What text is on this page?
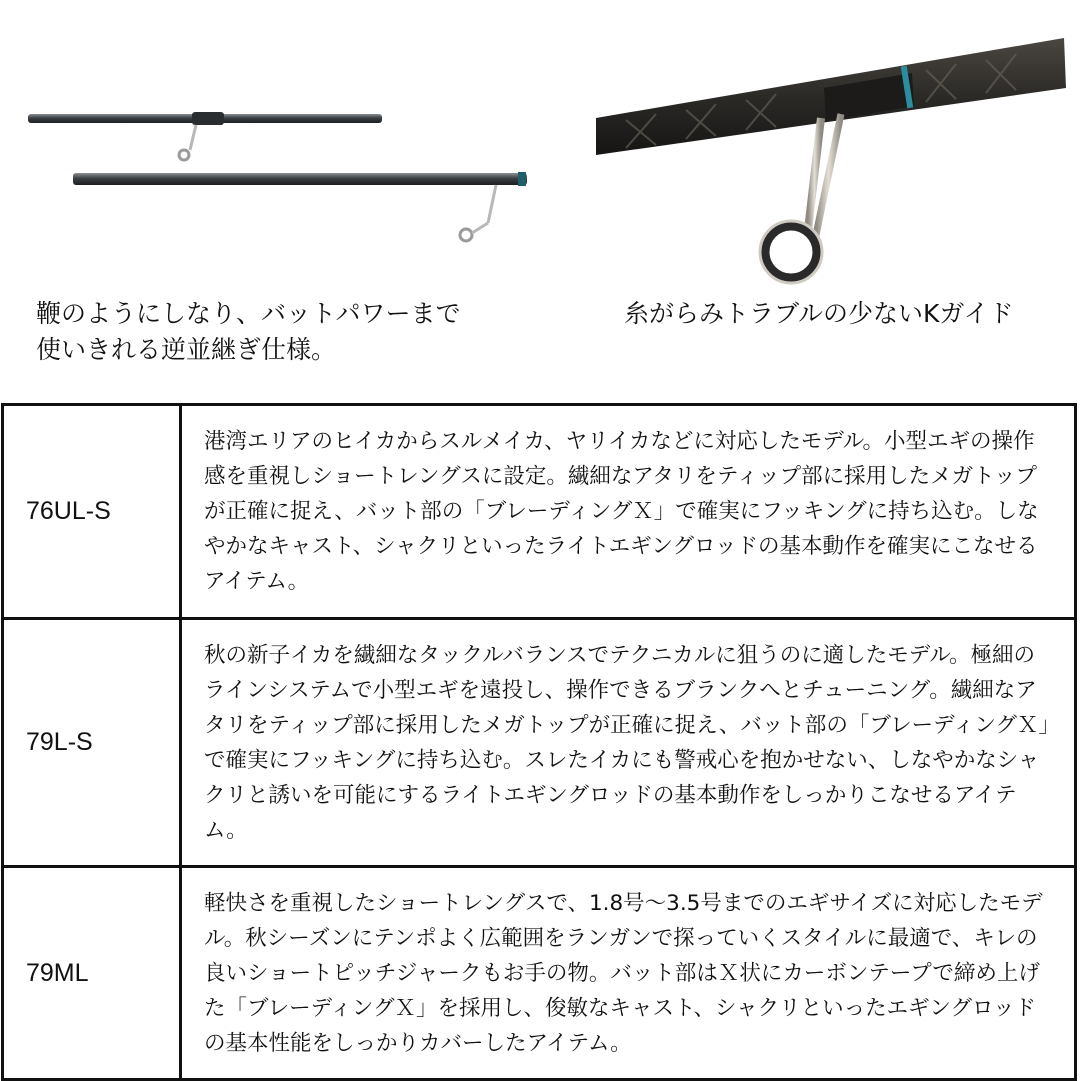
鞭のようにしなり、バットパワーまで
使いきれる逆並継ぎ仕様。
糸がらみトラブルの少ないKガイド
76UL-S	港湾エリアのヒイカからスルメイカ、ヤリイカなどに対応したモデル。小型エギの操作感を重視しショートレングスに設定。繊細なアタリをティップ部に採用したメガトップが正確に捉え、バット部の「ブレーディングＸ」で確実にフッキングに持ち込む。しなやかなキャスト、シャクリといったライトエギングロッドの基本動作を確実にこなせるアイテム。
79L-S	秋の新子イカを繊細なタックルバランスでテクニカルに狙うのに適したモデル。極細のラインシステムで小型エギを遠投し、操作できるブランクへとチューニング。繊細なアタリをティップ部に採用したメガトップが正確に捉え、バット部の「ブレーディングＸ」で確実にフッキングに持ち込む。スレたイカにも警戒心を抱かせない、しなやかなシャクリと誘いを可能にするライトエギングロッドの基本動作をしっかりこなせるアイテム。
79ML	軽快さを重視したショートレングスで、1.8号〜3.5号までのエギサイズに対応したモデル。秋シーズンにテンポよく広範囲をランガンで探っていくスタイルに最適で、キレの良いショートピッチジャークもお手の物。バット部はＸ状にカーボンテープで締め上げた「ブレーディングＸ」を採用し、俊敏なキャスト、シャクリといったエギングロッドの基本性能をしっかりカバーしたアイテム。
